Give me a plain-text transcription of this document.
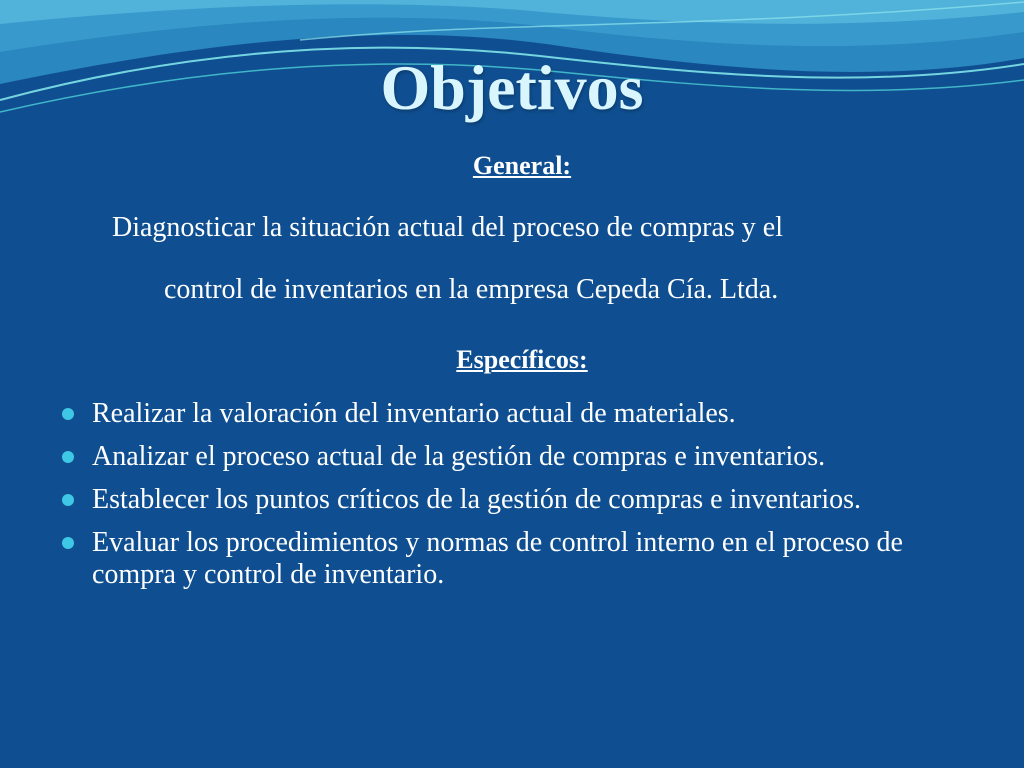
Objetivos
General:
Diagnosticar la situación actual del proceso de compras y el
control de inventarios en la empresa Cepeda Cía. Ltda.
Específicos:
Realizar la valoración del inventario actual de materiales.
Analizar el proceso actual de la gestión de compras e inventarios.
Establecer los puntos críticos de la gestión de compras e inventarios.
Evaluar los procedimientos y normas de control interno en el proceso de compra y control de inventario.
